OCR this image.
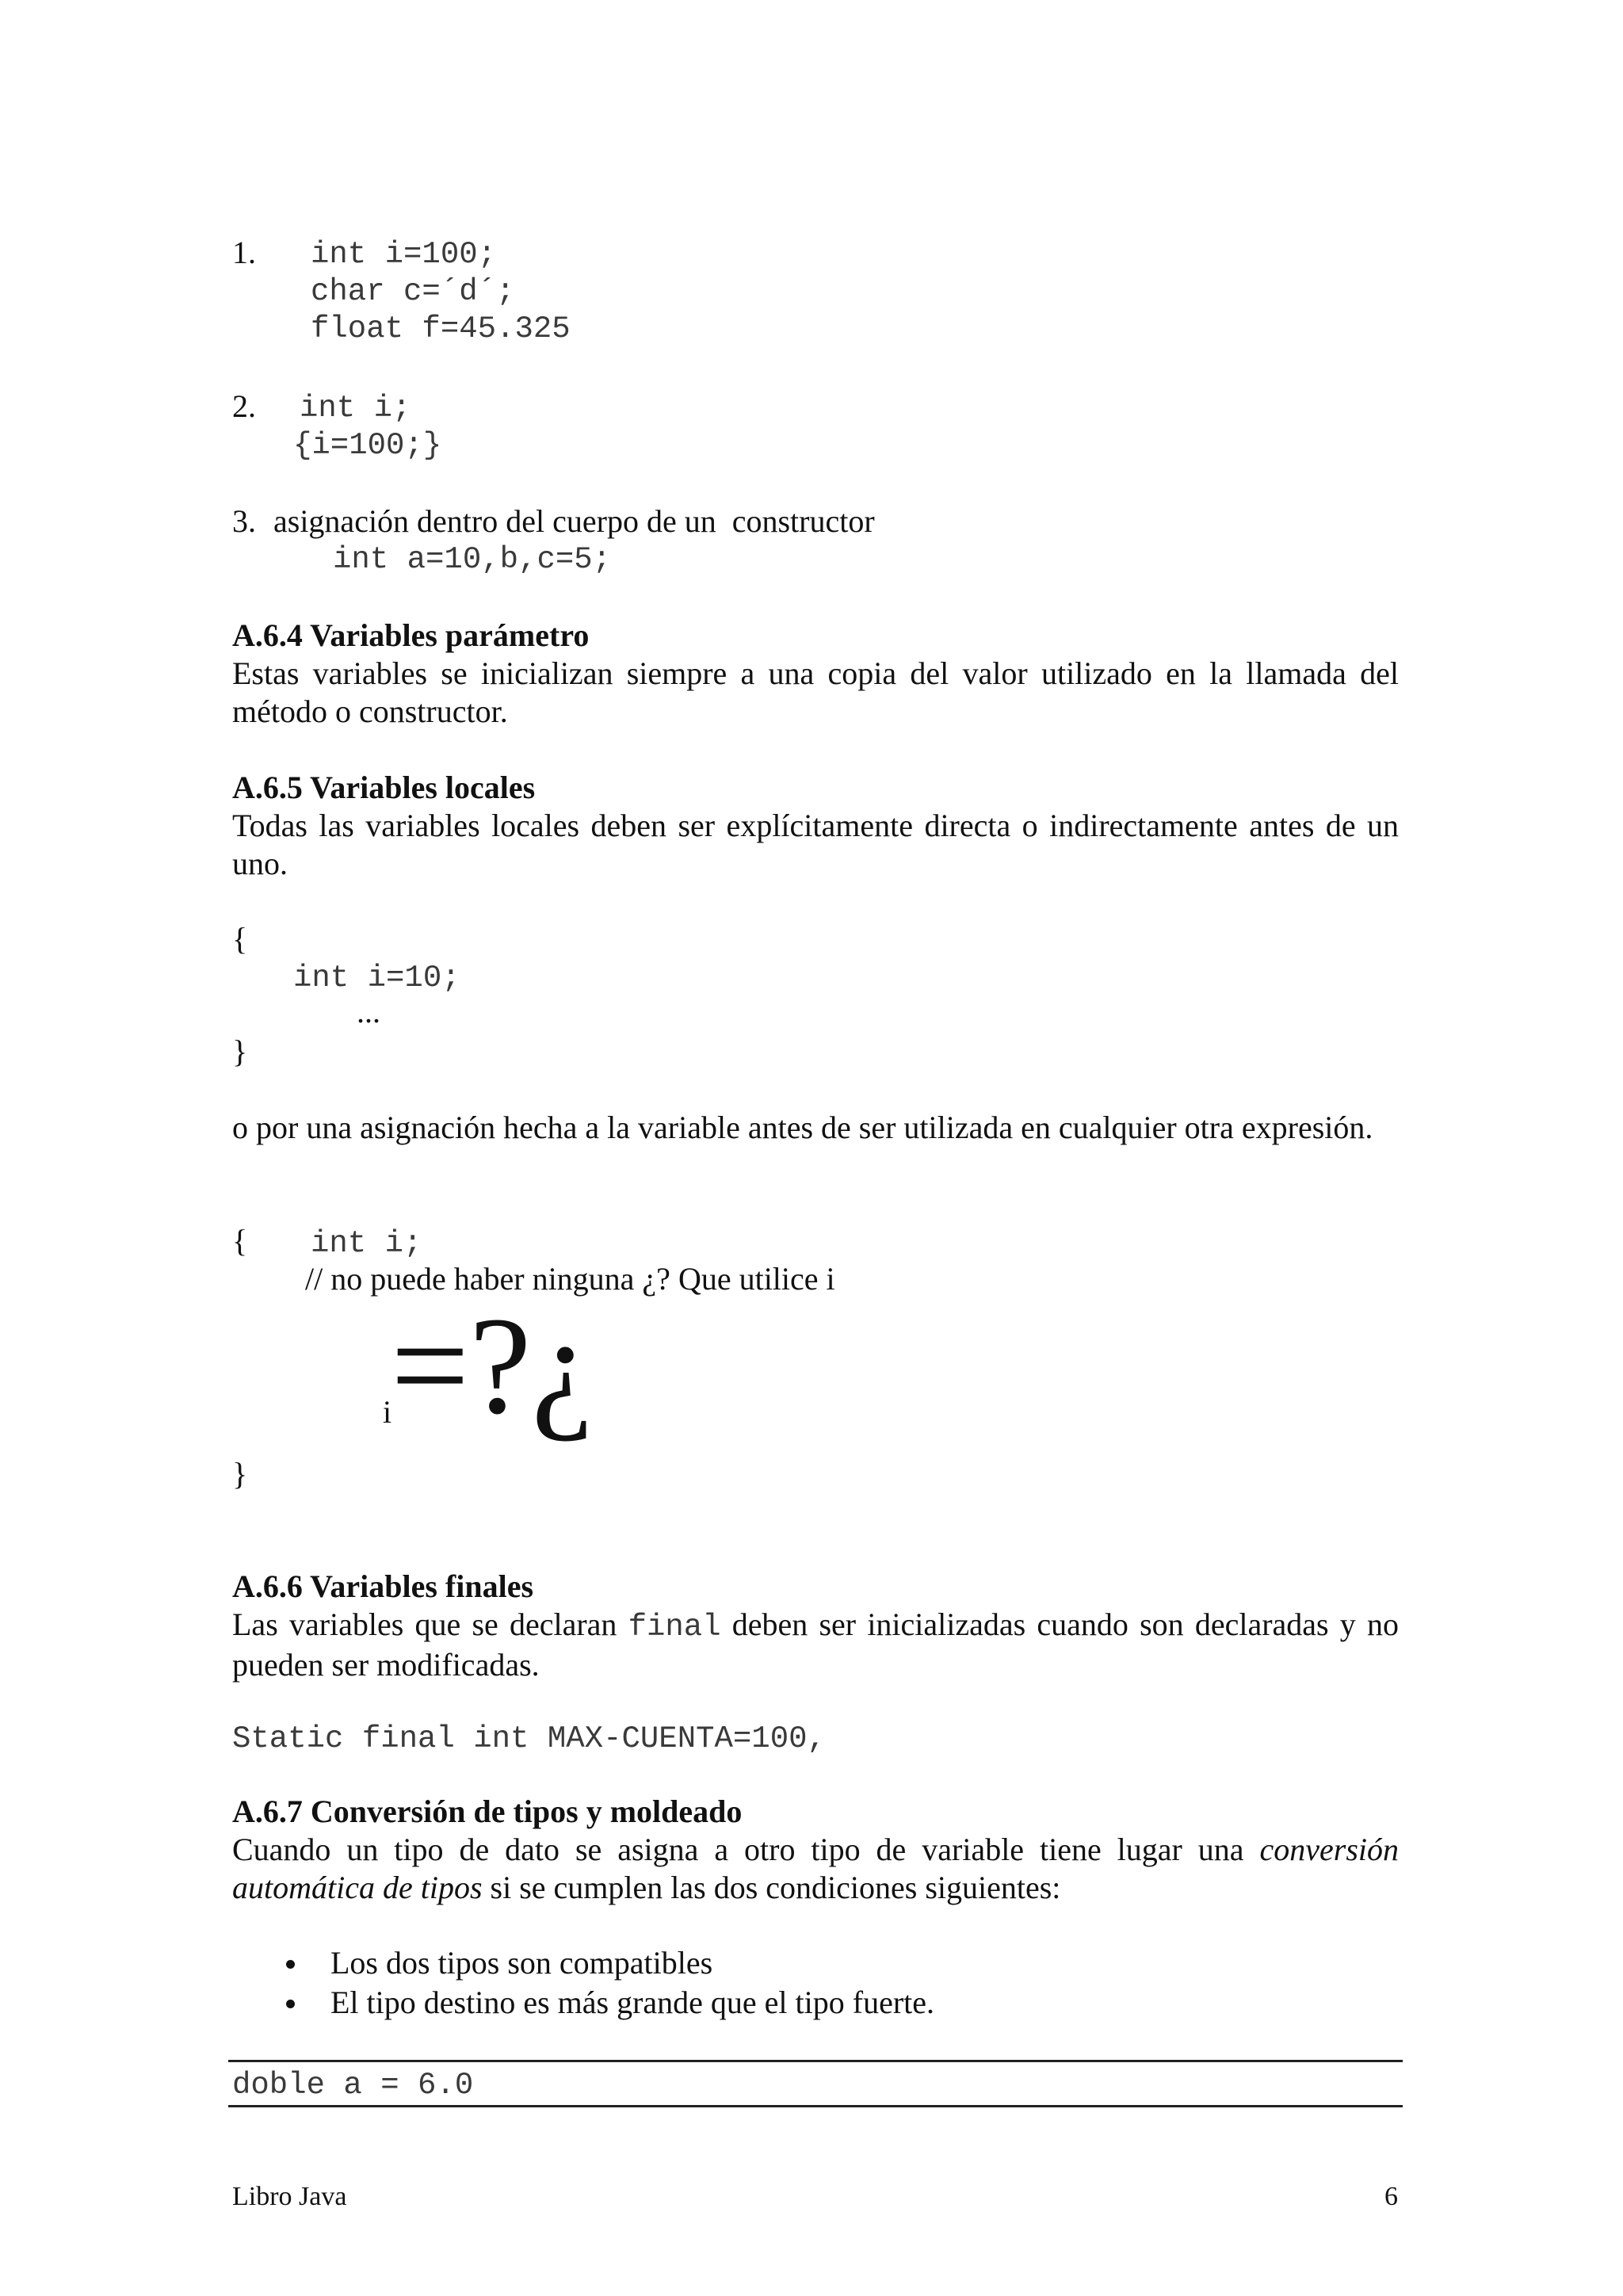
1. int i=100;
char c=´d´;
float f=45.325
2. int i;
{i=100;}
3. asignación dentro del cuerpo de un  constructor
int a=10,b,c=5;
A.6.4 Variables parámetro
Estas variables se inicializan siempre a una copia del valor utilizado en la llamada del método o constructor.
A.6.5 Variables locales
Todas las variables locales deben ser explícitamente directa o indirectamente antes de un uno.
{
int i=10;
...
}
o por una asignación hecha a la variable antes de ser utilizada en cualquier otra expresión.
{ int i;
// no puede haber ninguna ¿? Que utilice i
i
=?¿
}
A.6.6 Variables finales
Las variables que se declaran final deben ser inicializadas cuando son declaradas y no pueden ser modificadas.
Static final int MAX-CUENTA=100,
A.6.7 Conversión de tipos y moldeado
Cuando un tipo de dato se asigna a otro tipo de variable tiene lugar una conversión automática de tipos si se cumplen las dos condiciones siguientes:
Los dos tipos son compatibles
El tipo destino es más grande que el tipo fuerte.
doble a = 6.0
Libro Java	6
